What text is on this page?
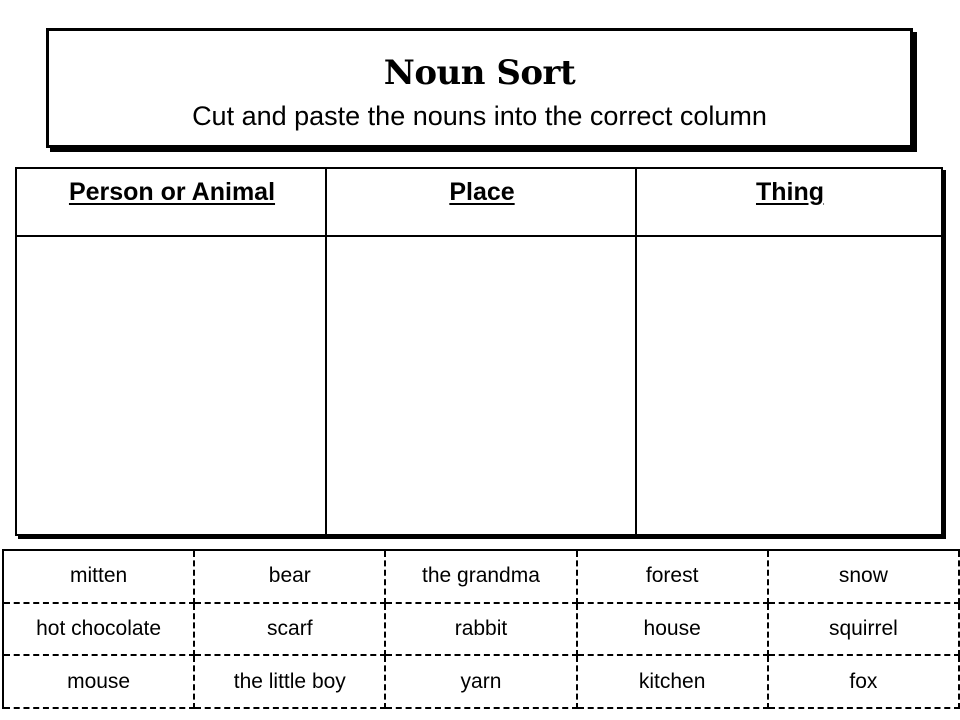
Noun Sort
Cut and paste the nouns into the correct column
Person or Animal	Place	Thing
mitten	bear	the grandma	forest	snow
hot chocolate	scarf	rabbit	house	squirrel
mouse	the little boy	yarn	kitchen	fox
